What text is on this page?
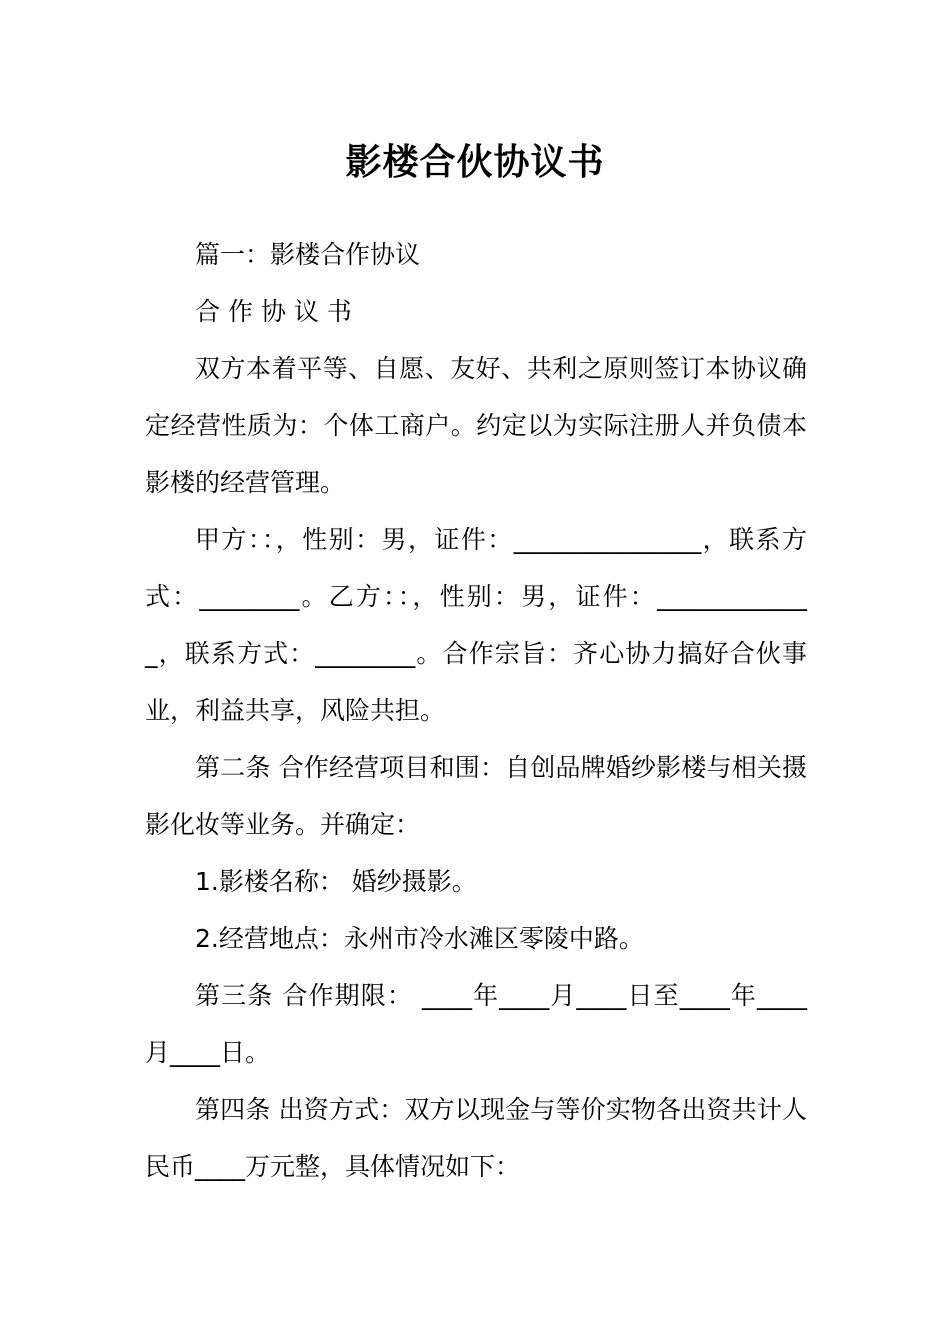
影楼合伙协议书

篇一：影楼合作协议

合 作 协 议 书

双方本着平等、自愿、友好、共利之原则签订本协议确定经营性质为：个体工商户。约定以为实际注册人并负债本影楼的经营管理。

甲方：：，性别：男，证件：_______________，联系方式：________。乙方：：，性别：男，证件：_____________，联系方式：________。合作宗旨：齐心协力搞好合伙事业，利益共享，风险共担。

第二条 合作经营项目和围：自创品牌婚纱影楼与相关摄影化妆等业务。并确定：

1.影楼名称： 婚纱摄影。

2.经营地点：永州市冷水滩区零陵中路。

第三条 合作期限： ____年____月____日至____年____月____日。

第四条 出资方式：双方以现金与等价实物各出资共计人民币____万元整，具体情况如下：
